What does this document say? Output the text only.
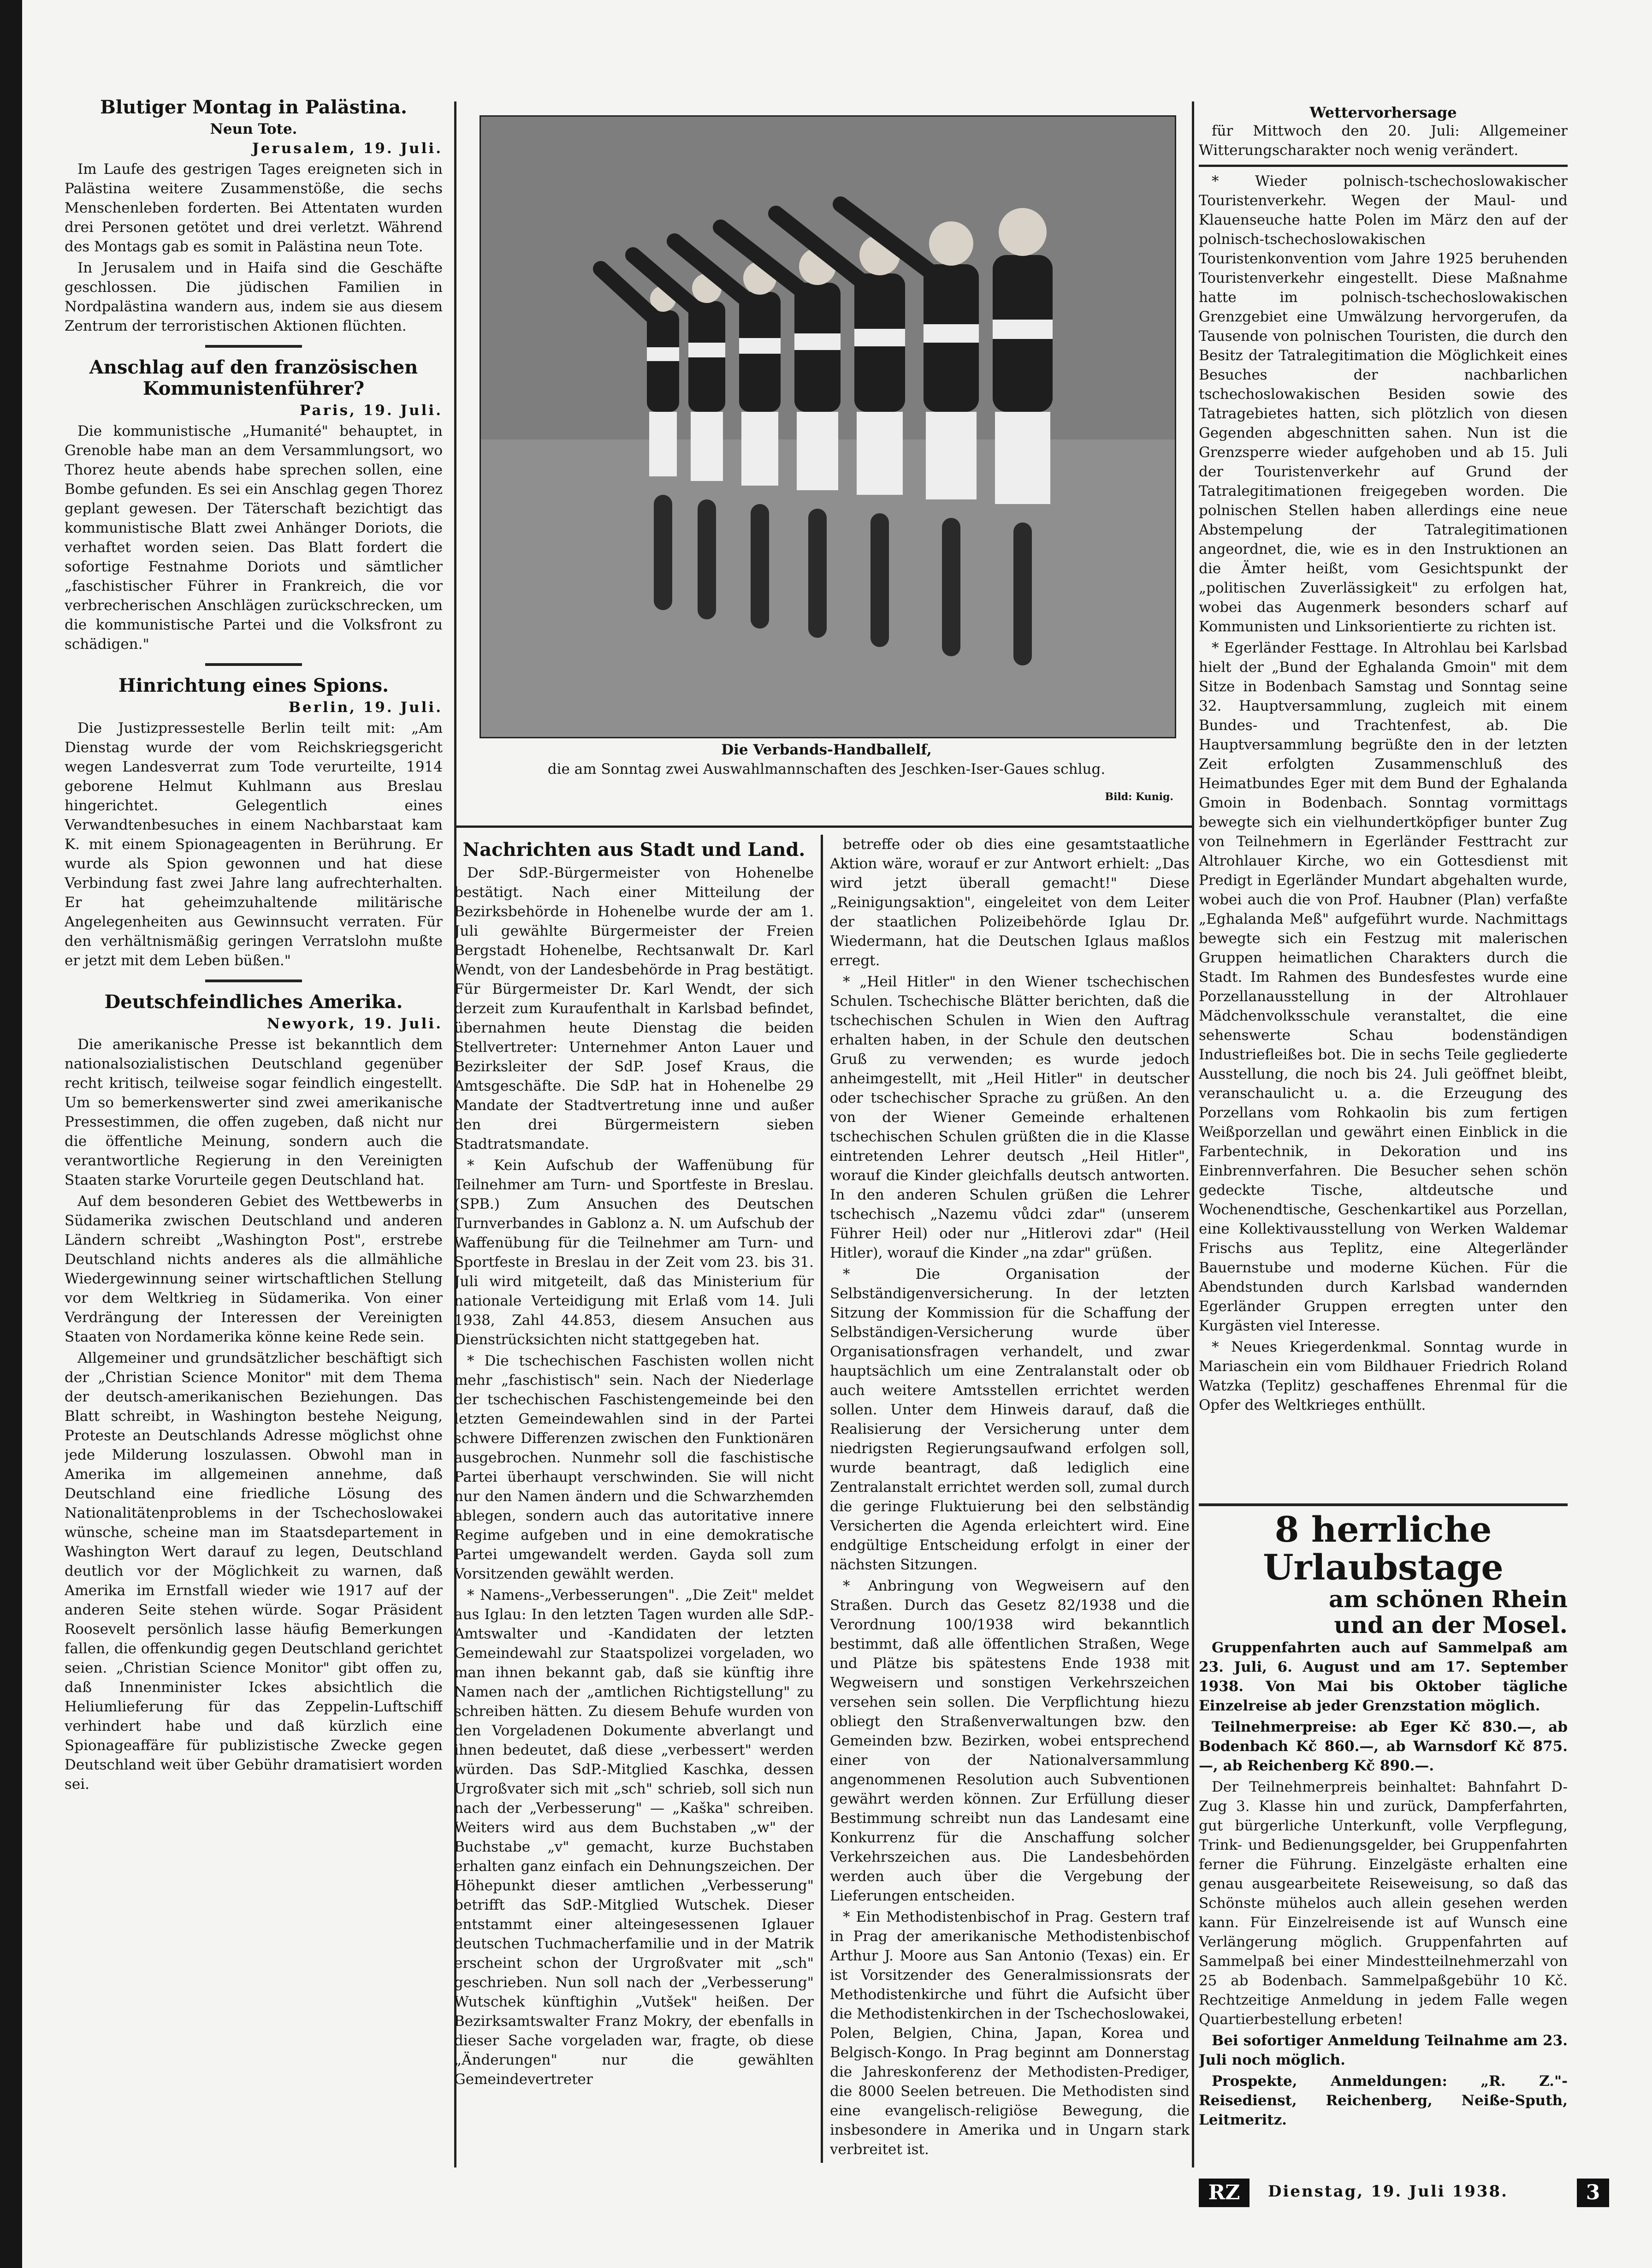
Blutiger Montag in Palästina.
Neun Tote.
Jerusalem, 19. Juli.

Im Laufe des gestrigen Tages ereigneten sich in Palästina weitere Zusammenstöße, die sechs Menschenleben forderten. Bei Attentaten wurden drei Personen getötet und drei verletzt. Während des Montags gab es somit in Palästina neun Tote.

In Jerusalem und in Haifa sind die Geschäfte geschlossen. Die jüdischen Familien in Nordpalästina wandern aus, indem sie aus diesem Zentrum der terroristischen Aktionen flüchten.

Anschlag auf den französischen Kommunistenführer?
Paris, 19. Juli.

Die kommunistische „Humanité" behauptet, in Grenoble habe man an dem Versammlungsort, wo Thorez heute abends habe sprechen sollen, eine Bombe gefunden. Es sei ein Anschlag gegen Thorez geplant gewesen. Der Täterschaft bezichtigt das kommunistische Blatt zwei Anhänger Doriots, die verhaftet worden seien. Das Blatt fordert die sofortige Festnahme Doriots und sämtlicher „faschistischer Führer in Frankreich, die vor verbrecherischen Anschlägen zurückschrecken, um die kommunistische Partei und die Volksfront zu schädigen."

Hinrichtung eines Spions.
Berlin, 19. Juli.

Die Justizpressestelle Berlin teilt mit: „Am Dienstag wurde der vom Reichskriegsgericht wegen Landesverrat zum Tode verurteilte, 1914 geborene Helmut Kuhlmann aus Breslau hingerichtet. Gelegentlich eines Verwandtenbesuches in einem Nachbarstaat kam K. mit einem Spionageagenten in Berührung. Er wurde als Spion gewonnen und hat diese Verbindung fast zwei Jahre lang aufrechterhalten. Er hat geheimzuhaltende militärische Angelegenheiten aus Gewinnsucht verraten. Für den verhältnismäßig geringen Verratslohn mußte er jetzt mit dem Leben büßen."

Deutschfeindliches Amerika.
Newyork, 19. Juli.

Die amerikanische Presse ist bekanntlich dem nationalsozialistischen Deutschland gegenüber recht kritisch, teilweise sogar feindlich eingestellt. Um so bemerkenswerter sind zwei amerikanische Pressestimmen, die offen zugeben, daß nicht nur die öffentliche Meinung, sondern auch die verantwortliche Regierung in den Vereinigten Staaten starke Vorurteile gegen Deutschland hat.

Auf dem besonderen Gebiet des Wettbewerbs in Südamerika zwischen Deutschland und anderen Ländern schreibt „Washington Post", erstrebe Deutschland nichts anderes als die allmähliche Wiedergewinnung seiner wirtschaftlichen Stellung vor dem Weltkrieg in Südamerika. Von einer Verdrängung der Interessen der Vereinigten Staaten von Nordamerika könne keine Rede sein.

Allgemeiner und grundsätzlicher beschäftigt sich der „Christian Science Monitor" mit dem Thema der deutsch-amerikanischen Beziehungen. Das Blatt schreibt, in Washington bestehe Neigung, Proteste an Deutschlands Adresse möglichst ohne jede Milderung loszulassen. Obwohl man in Amerika im allgemeinen annehme, daß Deutschland eine friedliche Lösung des Nationalitätenproblems in der Tschechoslowakei wünsche, scheine man im Staatsdepartement in Washington Wert darauf zu legen, Deutschland deutlich vor der Möglichkeit zu warnen, daß Amerika im Ernstfall wieder wie 1917 auf der anderen Seite stehen würde. Sogar Präsident Roosevelt persönlich lasse häufig Bemerkungen fallen, die offenkundig gegen Deutschland gerichtet seien. „Christian Science Monitor" gibt offen zu, daß Innenminister Ickes absichtlich die Heliumlieferung für das Zeppelin-Luftschiff verhindert habe und daß kürzlich eine Spionageaffäre für publizistische Zwecke gegen Deutschland weit über Gebühr dramatisiert worden sei.

Die Verbands-Handballelf,
die am Sonntag zwei Auswahlmannschaften des Jeschken-Iser-Gaues schlug.
Bild: Kunig.
Nachrichten aus Stadt und Land.

Der SdP.-Bürgermeister von Hohenelbe bestätigt. Nach einer Mitteilung der Bezirksbehörde in Hohenelbe wurde der am 1. Juli gewählte Bürgermeister der Freien Bergstadt Hohenelbe, Rechtsanwalt Dr. Karl Wendt, von der Landesbehörde in Prag bestätigt. Für Bürgermeister Dr. Karl Wendt, der sich derzeit zum Kuraufenthalt in Karlsbad befindet, übernahmen heute Dienstag die beiden Stellvertreter: Unternehmer Anton Lauer und Bezirksleiter der SdP. Josef Kraus, die Amtsgeschäfte. Die SdP. hat in Hohenelbe 29 Mandate der Stadtvertretung inne und außer den drei Bürgermeistern sieben Stadtratsmandate.

* Kein Aufschub der Waffenübung für Teilnehmer am Turn- und Sportfeste in Breslau. (SPB.) Zum Ansuchen des Deutschen Turnverbandes in Gablonz a. N. um Aufschub der Waffenübung für die Teilnehmer am Turn- und Sportfeste in Breslau in der Zeit vom 23. bis 31. Juli wird mitgeteilt, daß das Ministerium für nationale Verteidigung mit Erlaß vom 14. Juli 1938, Zahl 44.853, diesem Ansuchen aus Dienstrücksichten nicht stattgegeben hat.

* Die tschechischen Faschisten wollen nicht mehr „faschistisch" sein. Nach der Niederlage der tschechischen Faschistengemeinde bei den letzten Gemeindewahlen sind in der Partei schwere Differenzen zwischen den Funktionären ausgebrochen. Nunmehr soll die faschistische Partei überhaupt verschwinden. Sie will nicht nur den Namen ändern und die Schwarzhemden ablegen, sondern auch das autoritative innere Regime aufgeben und in eine demokratische Partei umgewandelt werden. Gayda soll zum Vorsitzenden gewählt werden.

* Namens-„Verbesserungen". „Die Zeit" meldet aus Iglau: In den letzten Tagen wurden alle SdP.-Amtswalter und -Kandidaten der letzten Gemeindewahl zur Staatspolizei vorgeladen, wo man ihnen bekannt gab, daß sie künftig ihre Namen nach der „amtlichen Richtigstellung" zu schreiben hätten. Zu diesem Behufe wurden von den Vorgeladenen Dokumente abverlangt und ihnen bedeutet, daß diese „verbessert" werden würden. Das SdP.-Mitglied Kaschka, dessen Urgroßvater sich mit „sch" schrieb, soll sich nun nach der „Verbesserung" — „Kaška" schreiben. Weiters wird aus dem Buchstaben „w" der Buchstabe „v" gemacht, kurze Buchstaben erhalten ganz einfach ein Dehnungszeichen. Der Höhepunkt dieser amtlichen „Verbesserung" betrifft das SdP.-Mitglied Wutschek. Dieser entstammt einer alteingesessenen Iglauer deutschen Tuchmacherfamilie und in der Matrik erscheint schon der Urgroßvater mit „sch" geschrieben. Nun soll nach der „Verbesserung" Wutschek künftighin „Vutšek" heißen. Der Bezirksamtswalter Franz Mokry, der ebenfalls in dieser Sache vorgeladen war, fragte, ob diese „Änderungen" nur die gewählten Gemeindevertreter

betreffe oder ob dies eine gesamtstaatliche Aktion wäre, worauf er zur Antwort erhielt: „Das wird jetzt überall gemacht!" Diese „Reinigungsaktion", eingeleitet von dem Leiter der staatlichen Polizeibehörde Iglau Dr. Wiedermann, hat die Deutschen Iglaus maßlos erregt.

* „Heil Hitler" in den Wiener tschechischen Schulen. Tschechische Blätter berichten, daß die tschechischen Schulen in Wien den Auftrag erhalten haben, in der Schule den deutschen Gruß zu verwenden; es wurde jedoch anheimgestellt, mit „Heil Hitler" in deutscher oder tschechischer Sprache zu grüßen. An den von der Wiener Gemeinde erhaltenen tschechischen Schulen grüßten die in die Klasse eintretenden Lehrer deutsch „Heil Hitler", worauf die Kinder gleichfalls deutsch antworten. In den anderen Schulen grüßen die Lehrer tschechisch „Nazemu vůdci zdar" (unserem Führer Heil) oder nur „Hitlerovi zdar" (Heil Hitler), worauf die Kinder „na zdar" grüßen.

* Die Organisation der Selbständigenversicherung. In der letzten Sitzung der Kommission für die Schaffung der Selbständigen-Versicherung wurde über Organisationsfragen verhandelt, und zwar hauptsächlich um eine Zentralanstalt oder ob auch weitere Amtsstellen errichtet werden sollen. Unter dem Hinweis darauf, daß die Realisierung der Versicherung unter dem niedrigsten Regierungsaufwand erfolgen soll, wurde beantragt, daß lediglich eine Zentralanstalt errichtet werden soll, zumal durch die geringe Fluktuierung bei den selbständig Versicherten die Agenda erleichtert wird. Eine endgültige Entscheidung erfolgt in einer der nächsten Sitzungen.

* Anbringung von Wegweisern auf den Straßen. Durch das Gesetz 82/1938 und die Verordnung 100/1938 wird bekanntlich bestimmt, daß alle öffentlichen Straßen, Wege und Plätze bis spätestens Ende 1938 mit Wegweisern und sonstigen Verkehrszeichen versehen sein sollen. Die Verpflichtung hiezu obliegt den Straßenverwaltungen bzw. den Gemeinden bzw. Bezirken, wobei entsprechend einer von der Nationalversammlung angenommenen Resolution auch Subventionen gewährt werden können. Zur Erfüllung dieser Bestimmung schreibt nun das Landesamt eine Konkurrenz für die Anschaffung solcher Verkehrszeichen aus. Die Landesbehörden werden auch über die Vergebung der Lieferungen entscheiden.

* Ein Methodistenbischof in Prag. Gestern traf in Prag der amerikanische Methodistenbischof Arthur J. Moore aus San Antonio (Texas) ein. Er ist Vorsitzender des Generalmissionsrats der Methodistenkirche und führt die Aufsicht über die Methodistenkirchen in der Tschechoslowakei, Polen, Belgien, China, Japan, Korea und Belgisch-Kongo. In Prag beginnt am Donnerstag die Jahreskonferenz der Methodisten-Prediger, die 8000 Seelen betreuen. Die Methodisten sind eine evangelisch-religiöse Bewegung, die insbesondere in Amerika und in Ungarn stark verbreitet ist.

Wettervorhersage

für Mittwoch den 20. Juli: Allgemeiner Witterungscharakter noch wenig verändert.

* Wieder polnisch-tschechoslowakischer Touristenverkehr. Wegen der Maul- und Klauenseuche hatte Polen im März den auf der polnisch-tschechoslowakischen Touristenkonvention vom Jahre 1925 beruhenden Touristenverkehr eingestellt. Diese Maßnahme hatte im polnisch-tschechoslowakischen Grenzgebiet eine Umwälzung hervorgerufen, da Tausende von polnischen Touristen, die durch den Besitz der Tatralegitimation die Möglichkeit eines Besuches der nachbarlichen tschechoslowakischen Besiden sowie des Tatragebietes hatten, sich plötzlich von diesen Gegenden abgeschnitten sahen. Nun ist die Grenzsperre wieder aufgehoben und ab 15. Juli der Touristenverkehr auf Grund der Tatralegitimationen freigegeben worden. Die polnischen Stellen haben allerdings eine neue Abstempelung der Tatralegitimationen angeordnet, die, wie es in den Instruktionen an die Ämter heißt, vom Gesichtspunkt der „politischen Zuverlässigkeit" zu erfolgen hat, wobei das Augenmerk besonders scharf auf Kommunisten und Linksorientierte zu richten ist.

* Egerländer Festtage. In Altrohlau bei Karlsbad hielt der „Bund der Eghalanda Gmoin" mit dem Sitze in Bodenbach Samstag und Sonntag seine 32. Hauptversammlung, zugleich mit einem Bundes- und Trachtenfest, ab. Die Hauptversammlung begrüßte den in der letzten Zeit erfolgten Zusammenschluß des Heimatbundes Eger mit dem Bund der Eghalanda Gmoin in Bodenbach. Sonntag vormittags bewegte sich ein vielhundertköpfiger bunter Zug von Teilnehmern in Egerländer Festtracht zur Altrohlauer Kirche, wo ein Gottesdienst mit Predigt in Egerländer Mundart abgehalten wurde, wobei auch die von Prof. Haubner (Plan) verfaßte „Eghalanda Meß" aufgeführt wurde. Nachmittags bewegte sich ein Festzug mit malerischen Gruppen heimatlichen Charakters durch die Stadt. Im Rahmen des Bundesfestes wurde eine Porzellanausstellung in der Altrohlauer Mädchenvolksschule veranstaltet, die eine sehenswerte Schau bodenständigen Industriefleißes bot. Die in sechs Teile gegliederte Ausstellung, die noch bis 24. Juli geöffnet bleibt, veranschaulicht u. a. die Erzeugung des Porzellans vom Rohkaolin bis zum fertigen Weißporzellan und gewährt einen Einblick in die Farbentechnik, in Dekoration und ins Einbrennverfahren. Die Besucher sehen schön gedeckte Tische, altdeutsche und Wochenendtische, Geschenkartikel aus Porzellan, eine Kollektivausstellung von Werken Waldemar Frischs aus Teplitz, eine Altegerländer Bauernstube und moderne Küchen. Für die Abendstunden durch Karlsbad wandernden Egerländer Gruppen erregten unter den Kurgästen viel Interesse.

* Neues Kriegerdenkmal. Sonntag wurde in Mariaschein ein vom Bildhauer Friedrich Roland Watzka (Teplitz) geschaffenes Ehrenmal für die Opfer des Weltkrieges enthüllt.

8 herrliche Urlaubstage
am schönen Rhein
und an der Mosel.

Gruppenfahrten auch auf Sammelpaß am 23. Juli, 6. August und am 17. September 1938. Von Mai bis Oktober tägliche Einzelreise ab jeder Grenzstation möglich.

Teilnehmerpreise: ab Eger Kč 830.—, ab Bodenbach Kč 860.—, ab Warnsdorf Kč 875.—, ab Reichenberg Kč 890.—.

Der Teilnehmerpreis beinhaltet: Bahnfahrt D-Zug 3. Klasse hin und zurück, Dampferfahrten, gut bürgerliche Unterkunft, volle Verpflegung, Trink- und Bedienungsgelder, bei Gruppenfahrten ferner die Führung. Einzelgäste erhalten eine genau ausgearbeitete Reiseweisung, so daß das Schönste mühelos auch allein gesehen werden kann. Für Einzelreisende ist auf Wunsch eine Verlängerung möglich. Gruppenfahrten auf Sammelpaß bei einer Mindestteilnehmerzahl von 25 ab Bodenbach. Sammelpaßgebühr 10 Kč. Rechtzeitige Anmeldung in jedem Falle wegen Quartierbestellung erbeten!

Bei sofortiger Anmeldung Teilnahme am 23. Juli noch möglich.

Prospekte, Anmeldungen: „R. Z."-Reisedienst, Reichenberg, Neiße-Sputh, Leitmeritz.

RZ	Dienstag, 19. Juli 1938.	3
